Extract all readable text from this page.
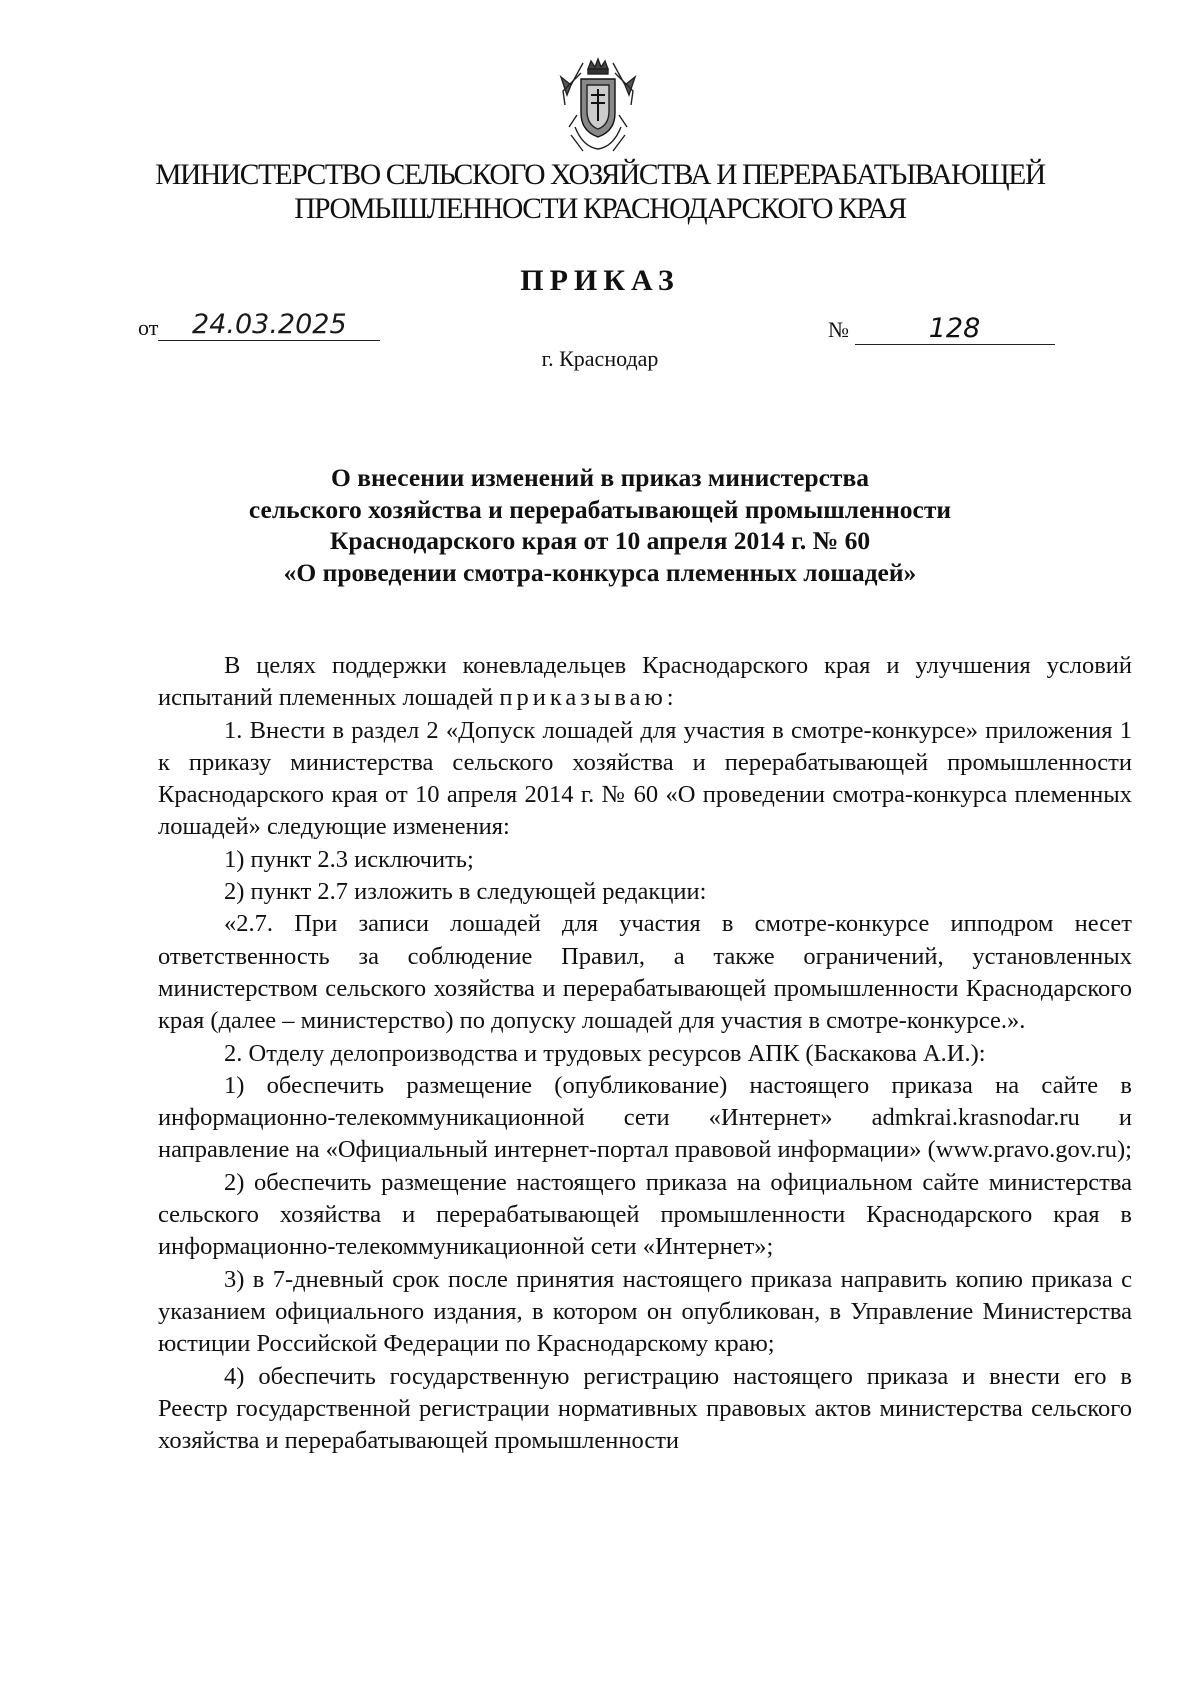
МИНИСТЕРСТВО СЕЛЬСКОГО ХОЗЯЙСТВА И ПЕРЕРАБАТЫВАЮЩЕЙ
ПРОМЫШЛЕННОСТИ КРАСНОДАРСКОГО КРАЯ
ПРИКАЗ
от 24.03.2025	№	128
г. Краснодар
О внесении изменений в приказ министерства
сельского хозяйства и перерабатывающей промышленности
Краснодарского края от 10 апреля 2014 г. № 60
«О проведении смотра-конкурса племенных лошадей»

В целях поддержки коневладельцев Краснодарского края и улучшения условий испытаний племенных лошадей приказываю:

1. Внести в раздел 2 «Допуск лошадей для участия в смотре-конкурсе» приложения 1 к приказу министерства сельского хозяйства и перерабатывающей промышленности Краснодарского края от 10 апреля 2014 г. № 60 «О проведении смотра-конкурса племенных лошадей» следующие изменения:

1) пункт 2.3 исключить;

2) пункт 2.7 изложить в следующей редакции:

«2.7. При записи лошадей для участия в смотре-конкурсе ипподром несет ответственность за соблюдение Правил, а также ограничений, установленных министерством сельского хозяйства и перерабатывающей промышленности Краснодарского края (далее – министерство) по допуску лошадей для участия в смотре-конкурсе.».

2. Отделу делопроизводства и трудовых ресурсов АПК (Баскакова А.И.):

1) обеспечить размещение (опубликование) настоящего приказа на сайте в информационно-телекоммуникационной сети «Интернет» admkrai.krasnodar.ru и направление на «Официальный интернет-портал правовой информации» (www.pravo.gov.ru);

2) обеспечить размещение настоящего приказа на официальном сайте министерства сельского хозяйства и перерабатывающей промышленности Краснодарского края в информационно-телекоммуникационной сети «Интернет»;

3) в 7-дневный срок после принятия настоящего приказа направить копию приказа с указанием официального издания, в котором он опубликован, в Управление Министерства юстиции Российской Федерации по Краснодарскому краю;

4) обеспечить государственную регистрацию настоящего приказа и внести его в Реестр государственной регистрации нормативных правовых актов министерства сельского хозяйства и перерабатывающей промышленности
